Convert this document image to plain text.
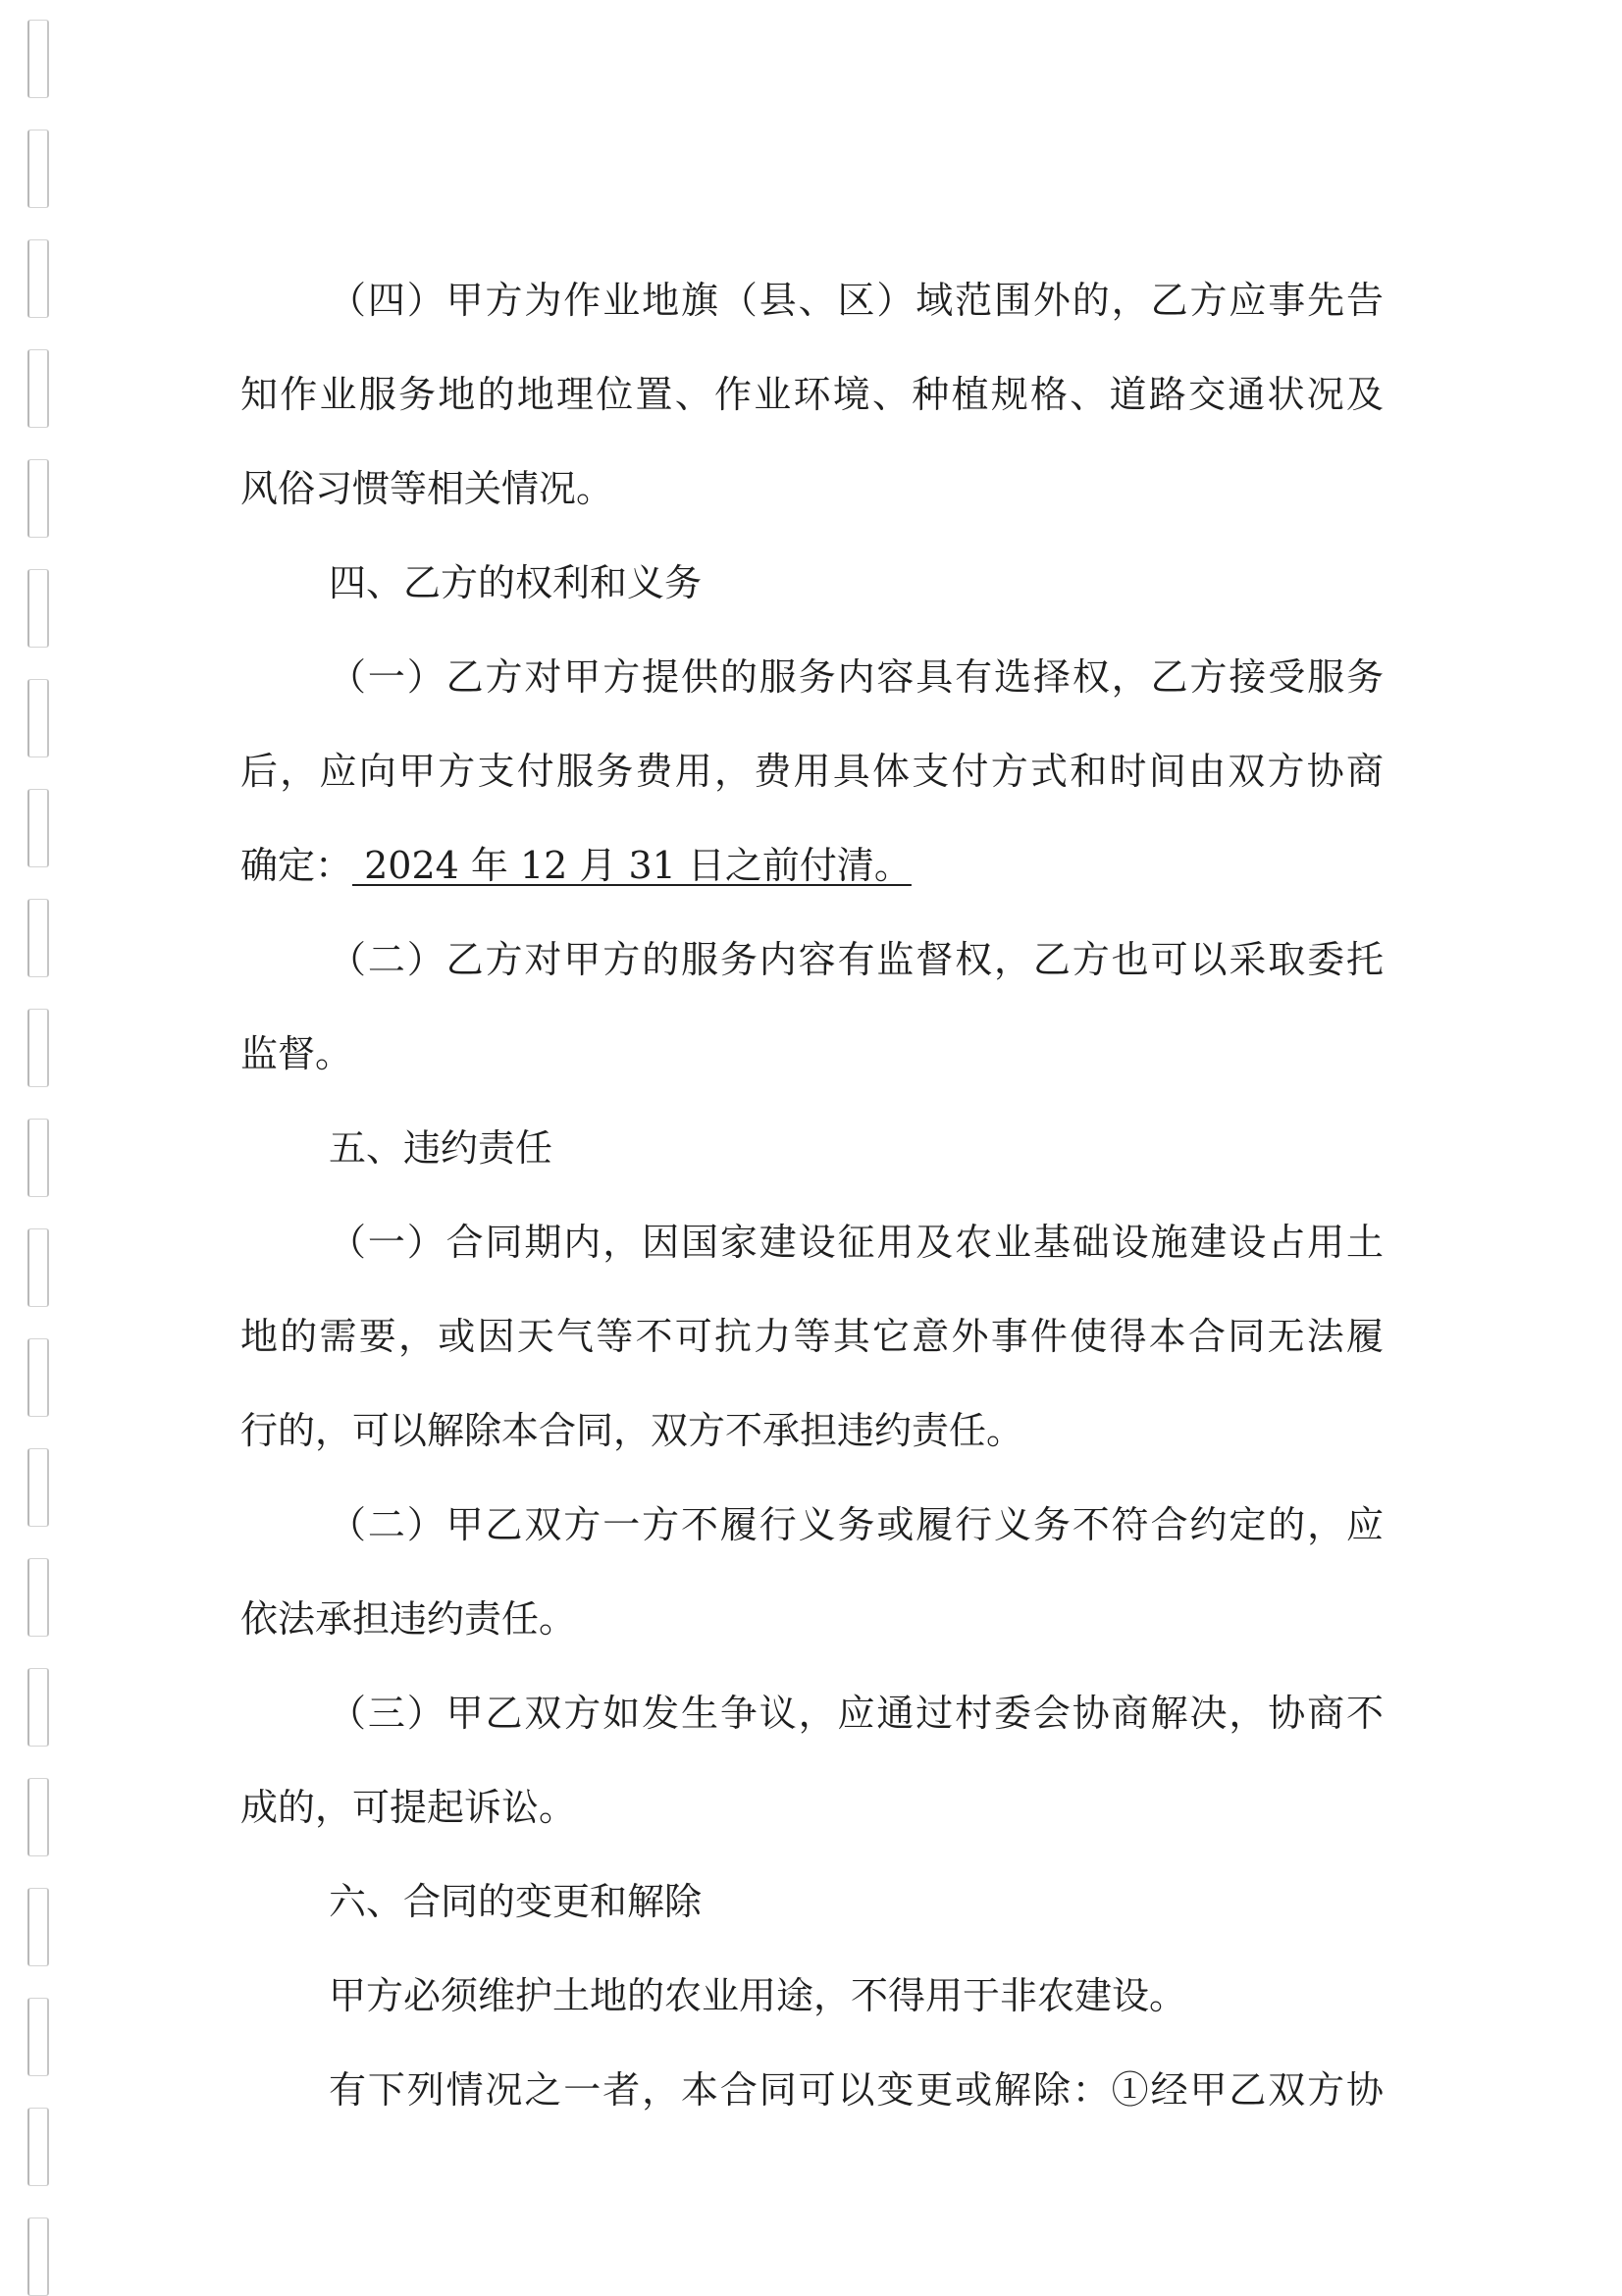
（四）甲方为作业地旗（县、区）域范围外的，乙方应事先告
知作业服务地的地理位置、作业环境、种植规格、道路交通状况及
风俗习惯等相关情况。
四、乙方的权利和义务
（一）乙方对甲方提供的服务内容具有选择权，乙方接受服务
后，应向甲方支付服务费用，费用具体支付方式和时间由双方协商
确定： 2024 年 12 月 31 日之前付清。
（二）乙方对甲方的服务内容有监督权，乙方也可以采取委托
监督。
五、违约责任
（一）合同期内，因国家建设征用及农业基础设施建设占用土
地的需要，或因天气等不可抗力等其它意外事件使得本合同无法履
行的，可以解除本合同，双方不承担违约责任。
（二）甲乙双方一方不履行义务或履行义务不符合约定的，应
依法承担违约责任。
（三）甲乙双方如发生争议，应通过村委会协商解决，协商不
成的，可提起诉讼。
六、合同的变更和解除
甲方必须维护土地的农业用途，不得用于非农建设。
有下列情况之一者，本合同可以变更或解除：①经甲乙双方协
